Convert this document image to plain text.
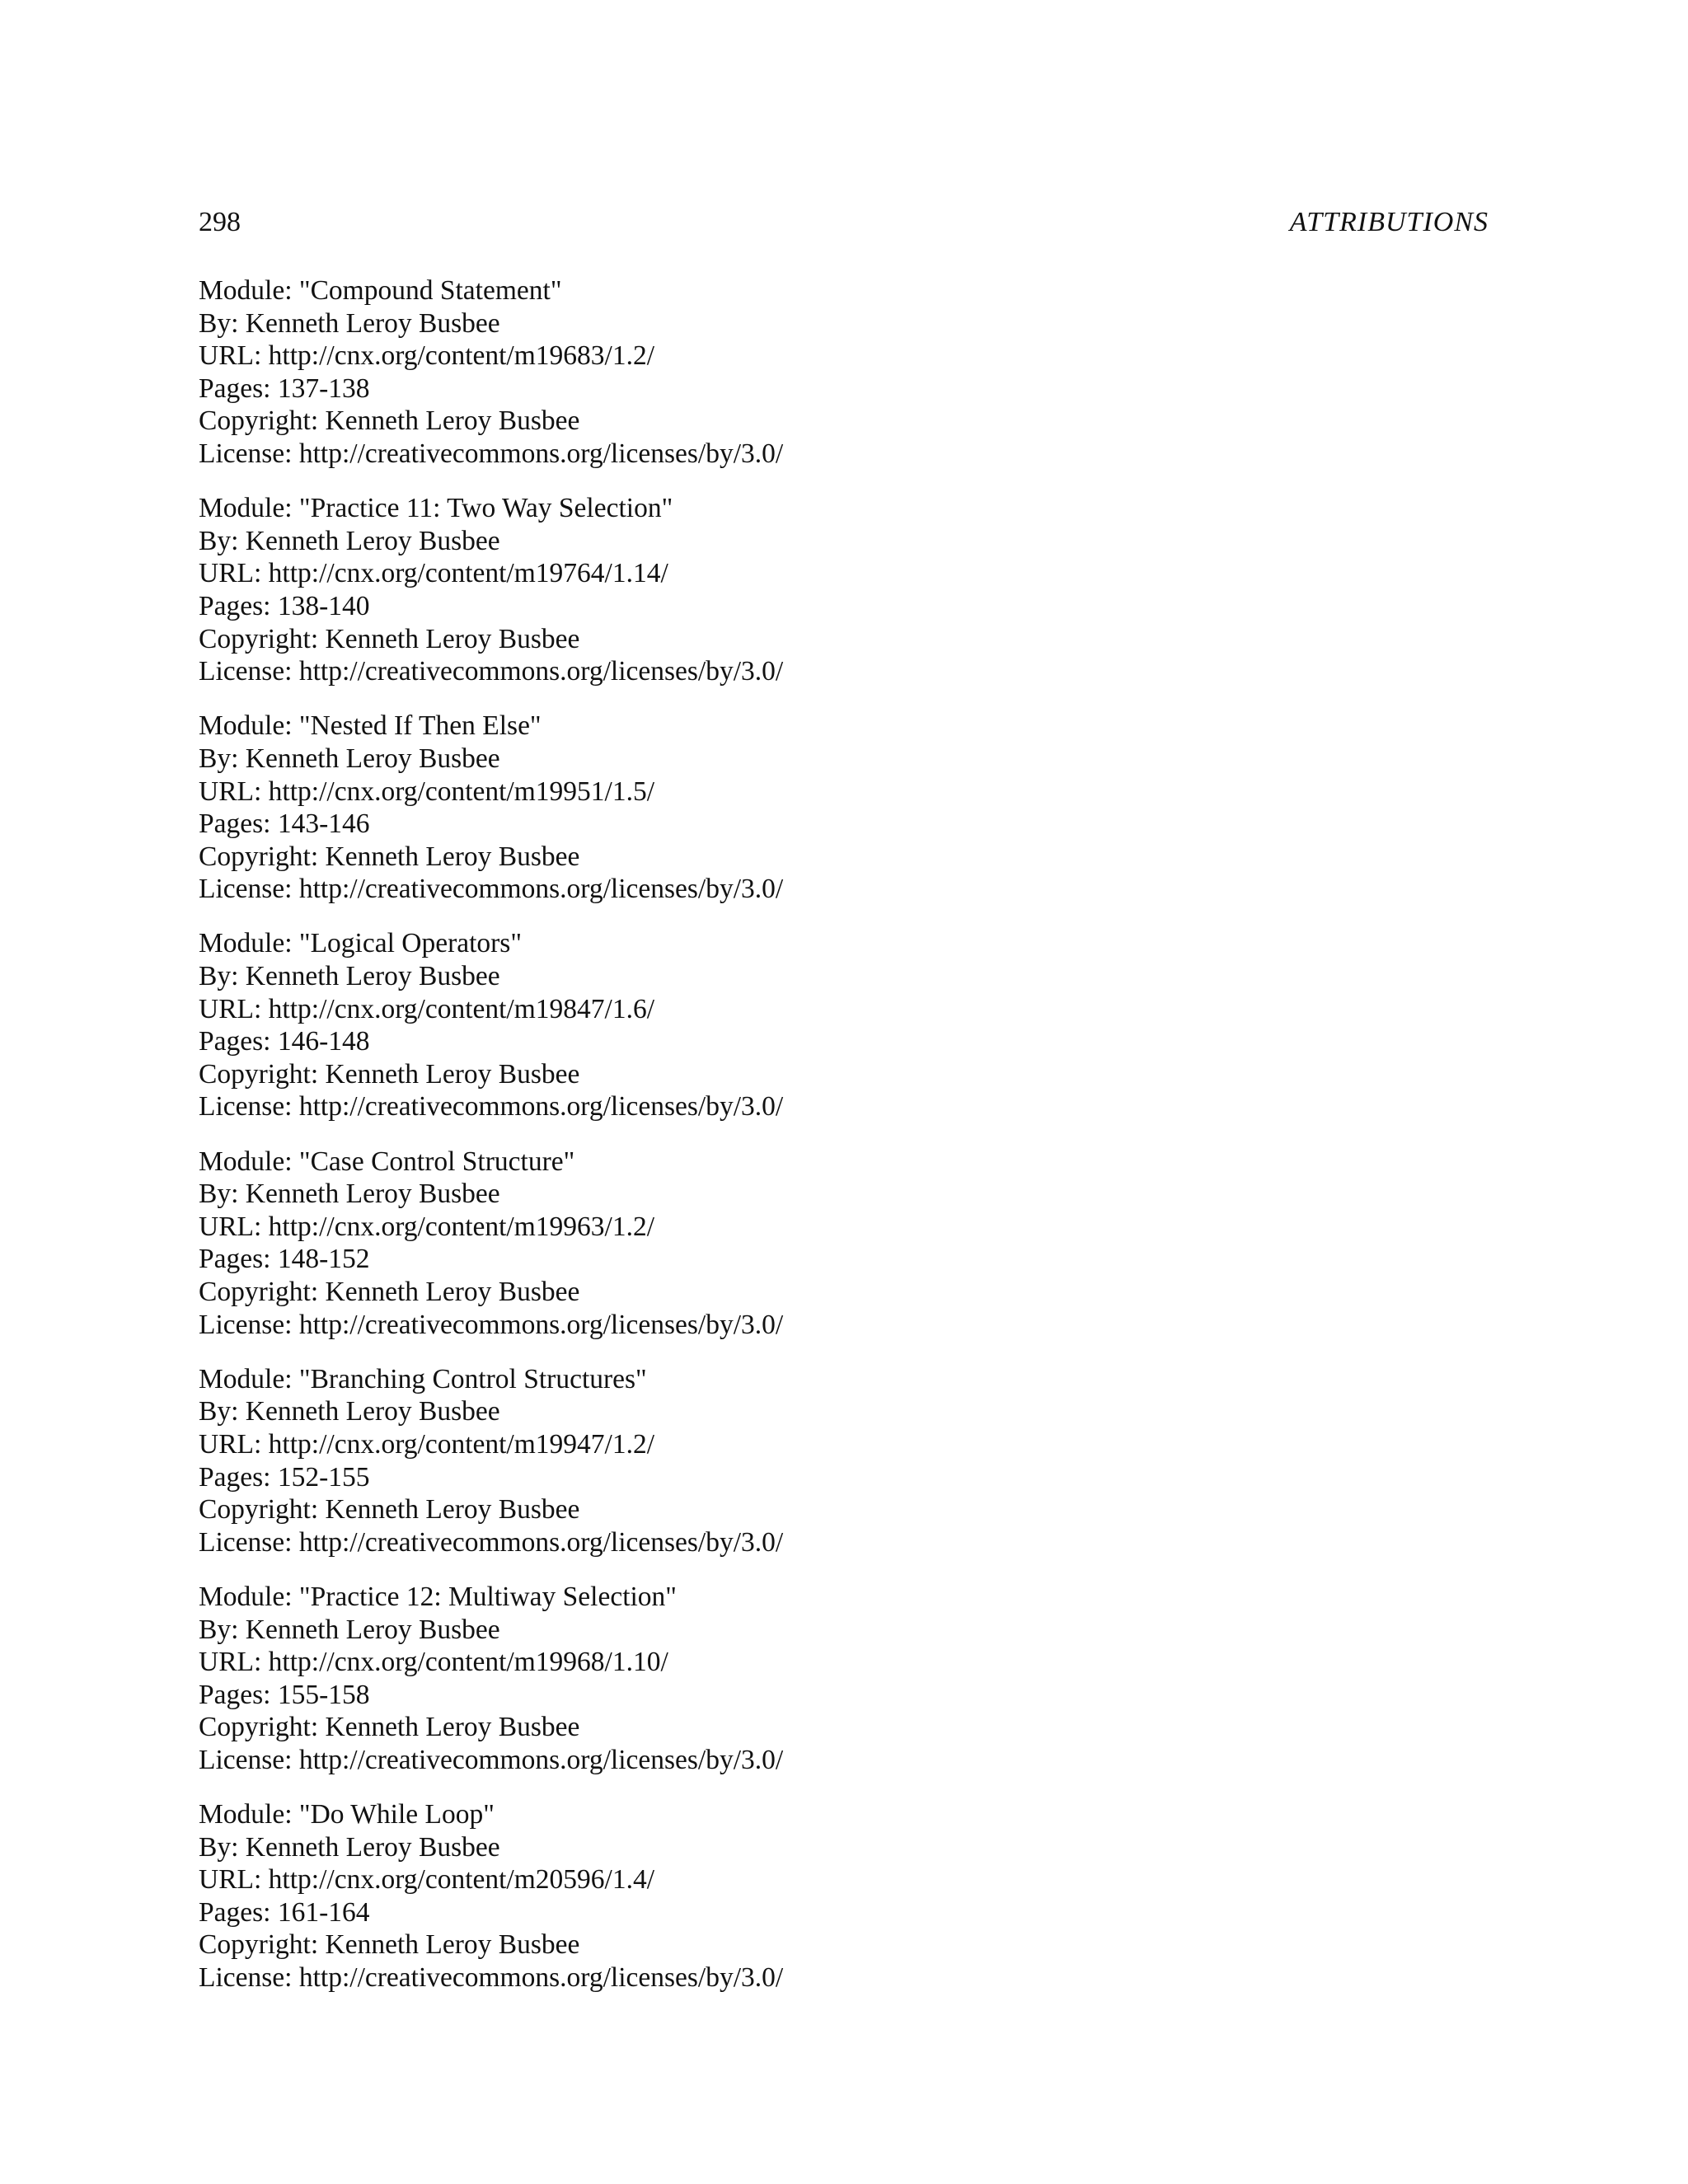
298	ATTRIBUTIONS
Module: "Compound Statement"
By: Kenneth Leroy Busbee
URL: http://cnx.org/content/m19683/1.2/
Pages: 137-138
Copyright: Kenneth Leroy Busbee
License: http://creativecommons.org/licenses/by/3.0/
Module: "Practice 11: Two Way Selection"
By: Kenneth Leroy Busbee
URL: http://cnx.org/content/m19764/1.14/
Pages: 138-140
Copyright: Kenneth Leroy Busbee
License: http://creativecommons.org/licenses/by/3.0/
Module: "Nested If Then Else"
By: Kenneth Leroy Busbee
URL: http://cnx.org/content/m19951/1.5/
Pages: 143-146
Copyright: Kenneth Leroy Busbee
License: http://creativecommons.org/licenses/by/3.0/
Module: "Logical Operators"
By: Kenneth Leroy Busbee
URL: http://cnx.org/content/m19847/1.6/
Pages: 146-148
Copyright: Kenneth Leroy Busbee
License: http://creativecommons.org/licenses/by/3.0/
Module: "Case Control Structure"
By: Kenneth Leroy Busbee
URL: http://cnx.org/content/m19963/1.2/
Pages: 148-152
Copyright: Kenneth Leroy Busbee
License: http://creativecommons.org/licenses/by/3.0/
Module: "Branching Control Structures"
By: Kenneth Leroy Busbee
URL: http://cnx.org/content/m19947/1.2/
Pages: 152-155
Copyright: Kenneth Leroy Busbee
License: http://creativecommons.org/licenses/by/3.0/
Module: "Practice 12: Multiway Selection"
By: Kenneth Leroy Busbee
URL: http://cnx.org/content/m19968/1.10/
Pages: 155-158
Copyright: Kenneth Leroy Busbee
License: http://creativecommons.org/licenses/by/3.0/
Module: "Do While Loop"
By: Kenneth Leroy Busbee
URL: http://cnx.org/content/m20596/1.4/
Pages: 161-164
Copyright: Kenneth Leroy Busbee
License: http://creativecommons.org/licenses/by/3.0/
